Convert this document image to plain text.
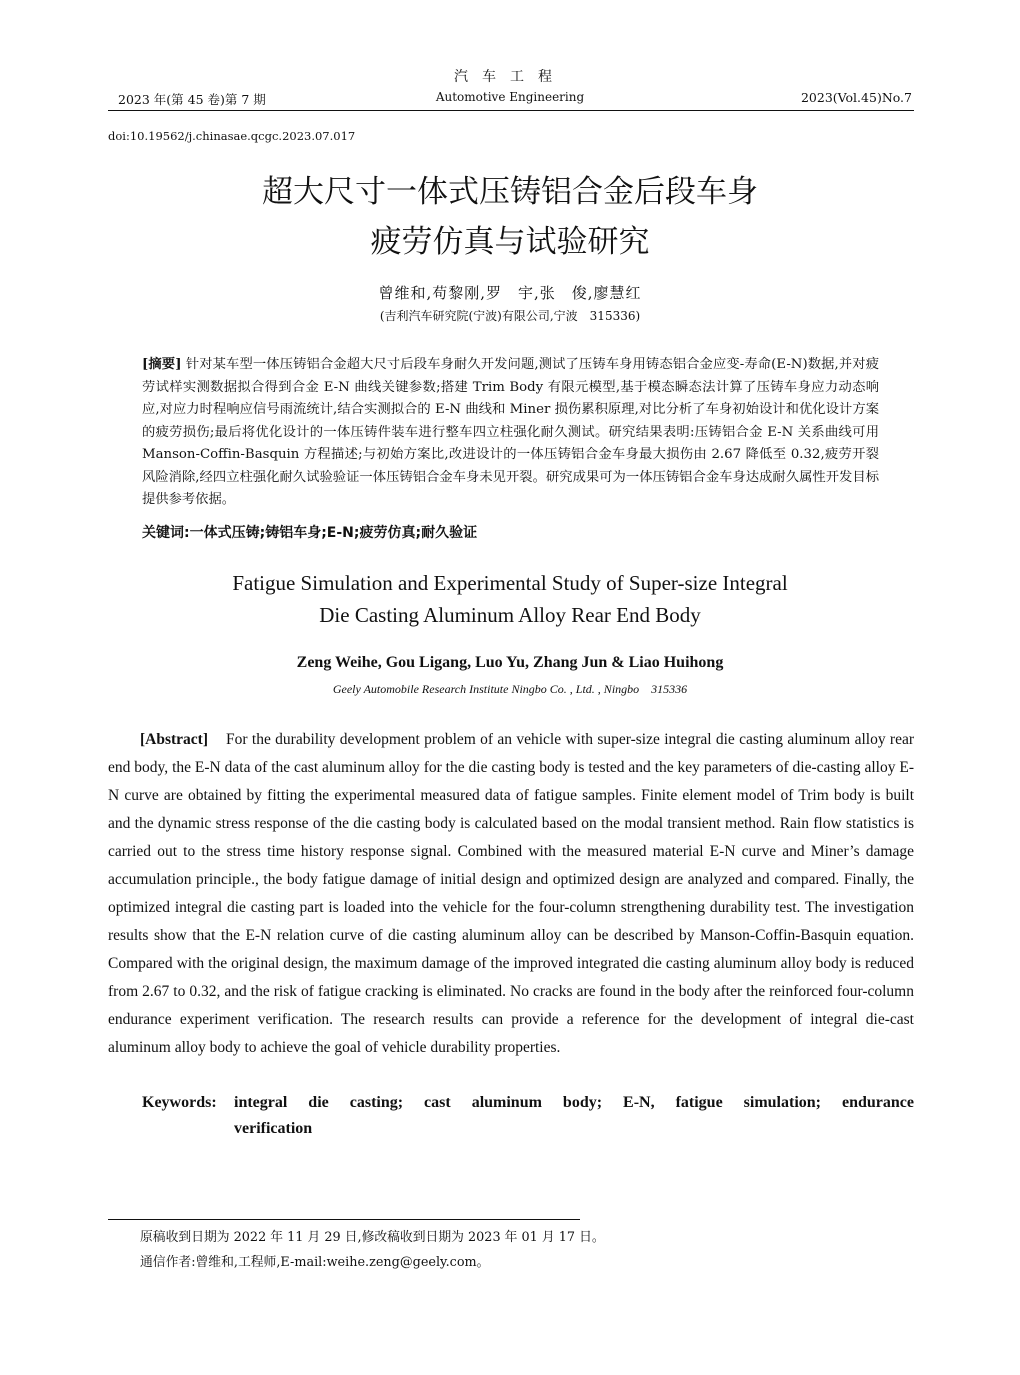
汽车工程
2023 年(第 45 卷)第 7 期	Automotive Engineering	2023(Vol.45)No.7
doi:10.19562/j.chinasae.qcgc.2023.07.017
超大尺寸一体式压铸铝合金后段车身
疲劳仿真与试验研究
曾维和,苟黎刚,罗　宇,张　俊,廖慧红
(吉利汽车研究院(宁波)有限公司,宁波　315336)
[摘要] 针对某车型一体压铸铝合金超大尺寸后段车身耐久开发问题,测试了压铸车身用铸态铝合金应变-寿命(E-N)数据,并对疲劳试样实测数据拟合得到合金 E-N 曲线关键参数;搭建 Trim Body 有限元模型,基于模态瞬态法计算了压铸车身应力动态响应,对应力时程响应信号雨流统计,结合实测拟合的 E-N 曲线和 Miner 损伤累积原理,对比分析了车身初始设计和优化设计方案的疲劳损伤;最后将优化设计的一体压铸件装车进行整车四立柱强化耐久测试。研究结果表明:压铸铝合金 E-N 关系曲线可用 Manson-Coffin-Basquin 方程描述;与初始方案比,改进设计的一体压铸铝合金车身最大损伤由 2.67 降低至 0.32,疲劳开裂风险消除,经四立柱强化耐久试验验证一体压铸铝合金车身未见开裂。研究成果可为一体压铸铝合金车身达成耐久属性开发目标提供参考依据。
关键词:一体式压铸;铸铝车身;E-N;疲劳仿真;耐久验证
Fatigue Simulation and Experimental Study of Super-size Integral
Die Casting Aluminum Alloy Rear End Body
Zeng Weihe, Gou Ligang, Luo Yu, Zhang Jun & Liao Huihong
Geely Automobile Research Institute Ningbo Co. , Ltd. , Ningbo　315336
[Abstract] For the durability development problem of an vehicle with super-size integral die casting aluminum alloy rear end body, the E-N data of the cast aluminum alloy for the die casting body is tested and the key parameters of die-casting alloy E-N curve are obtained by fitting the experimental measured data of fatigue samples. Finite element model of Trim body is built and the dynamic stress response of the die casting body is calculated based on the modal transient method. Rain flow statistics is carried out to the stress time history response signal. Combined with the measured material E-N curve and Miner’s damage accumulation principle., the body fatigue damage of initial design and optimized design are analyzed and compared. Finally, the optimized integral die casting part is loaded into the vehicle for the four-column strengthening durability test. The investigation results show that the E-N relation curve of die casting aluminum alloy can be described by Manson-Coffin-Basquin equation. Compared with the original design, the maximum damage of the improved integrated die casting aluminum alloy body is reduced from 2.67 to 0.32, and the risk of fatigue cracking is eliminated. No cracks are found in the body after the reinforced four-column endurance experiment verification. The research results can provide a reference for the development of integral die-cast aluminum alloy body to achieve the goal of vehicle durability properties.
Keywords:	integral die casting; cast aluminum body; E-N, fatigue simulation; endurance verification
原稿收到日期为 2022 年 11 月 29 日,修改稿收到日期为 2023 年 01 月 17 日。
通信作者:曾维和,工程师,E-mail:weihe.zeng@geely.com。
